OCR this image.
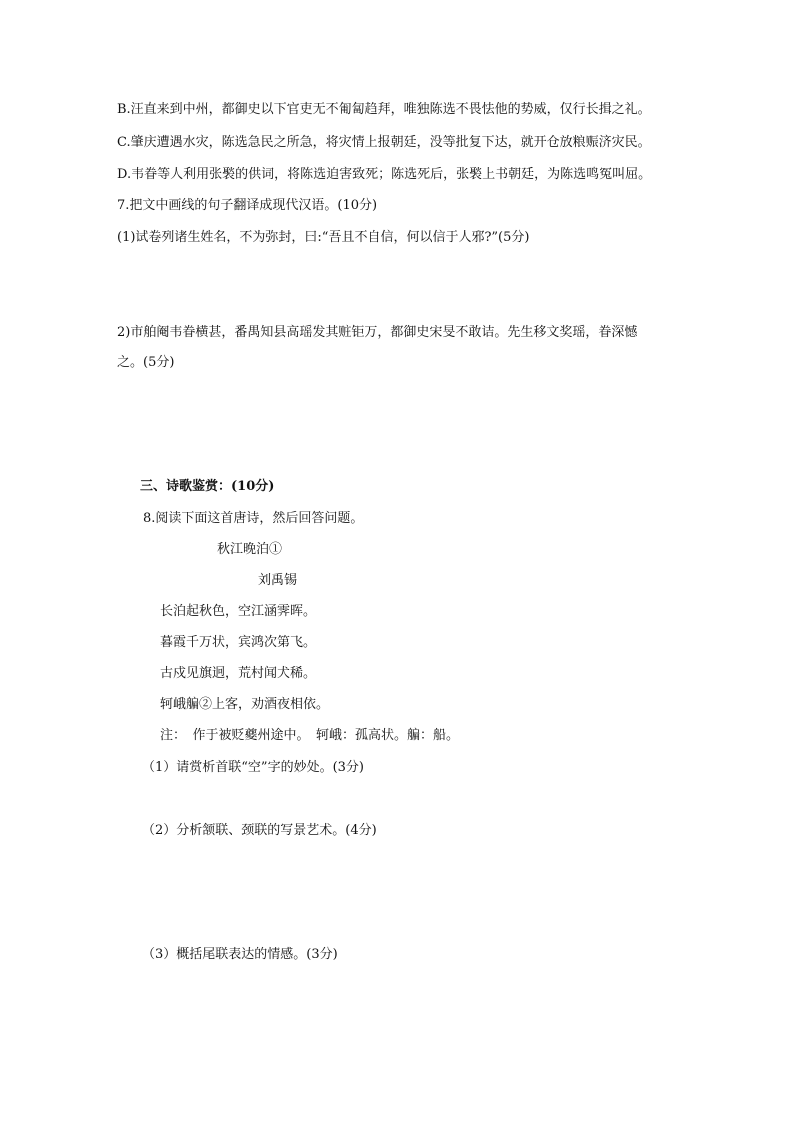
B.汪直来到中州，都御史以下官吏无不匍匐趋拜，唯独陈选不畏怯他的势威，仅行长揖之礼。
C.肇庆遭遇水灾，陈选急民之所急，将灾情上报朝廷，没等批复下达，就开仓放粮赈济灾民。
D.韦眷等人利用张褧的供词，将陈选迫害致死；陈选死后，张褧上书朝廷，为陈选鸣冤叫屈。
7.把文中画线的句子翻译成现代汉语。(10分)
(1)试卷列诸生姓名，不为弥封，曰:“吾且不自信，何以信于人邪?”(5分)
2)市舶阉韦眷横甚，番禺知县高瑶发其赃钜万，都御史宋旻不敢诘。先生移文奖瑶，眷深憾
之。(5分)
三、诗歌鉴赏：(10分)
8.阅读下面这首唐诗，然后回答问题。
秋江晚泊①
刘禹锡
长泊起秋色，空江涵霁晖。
暮霞千万状，宾鸿次第飞。
古戍见旗迥，荒村闻犬稀。
轲峨艑②上客，劝酒夜相依。
注：　作于被贬夔州途中。　轲峨：孤高状。艑：船。
（1）请赏析首联“空”字的妙处。(3分)
（2）分析颔联、颈联的写景艺术。(4分)
（3）概括尾联表达的情感。(3分)
